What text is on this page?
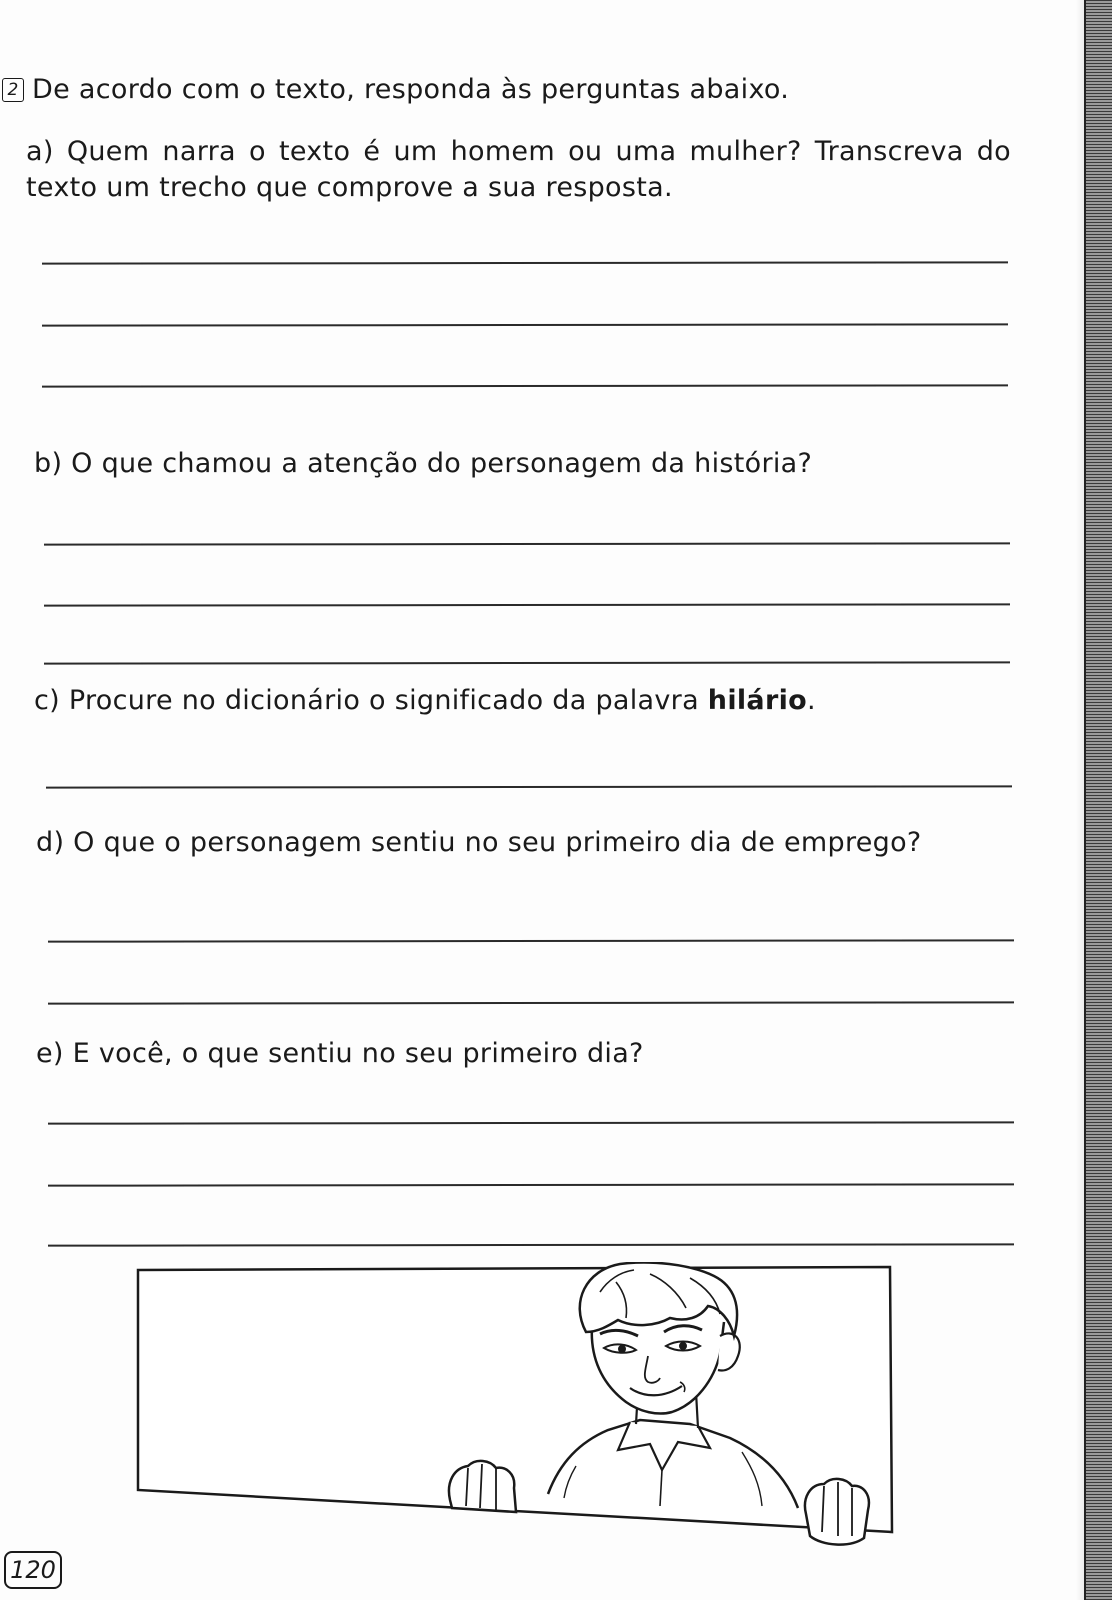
2 De acordo com o texto, responda às perguntas abaixo.
a) Quem narra o texto é um homem ou uma mulher? Transcreva do texto um trecho que comprove a sua resposta.
b) O que chamou a atenção do personagem da história?
c) Procure no dicionário o significado da palavra hilário.
d) O que o personagem sentiu no seu primeiro dia de emprego?
e) E você, o que sentiu no seu primeiro dia?
120
